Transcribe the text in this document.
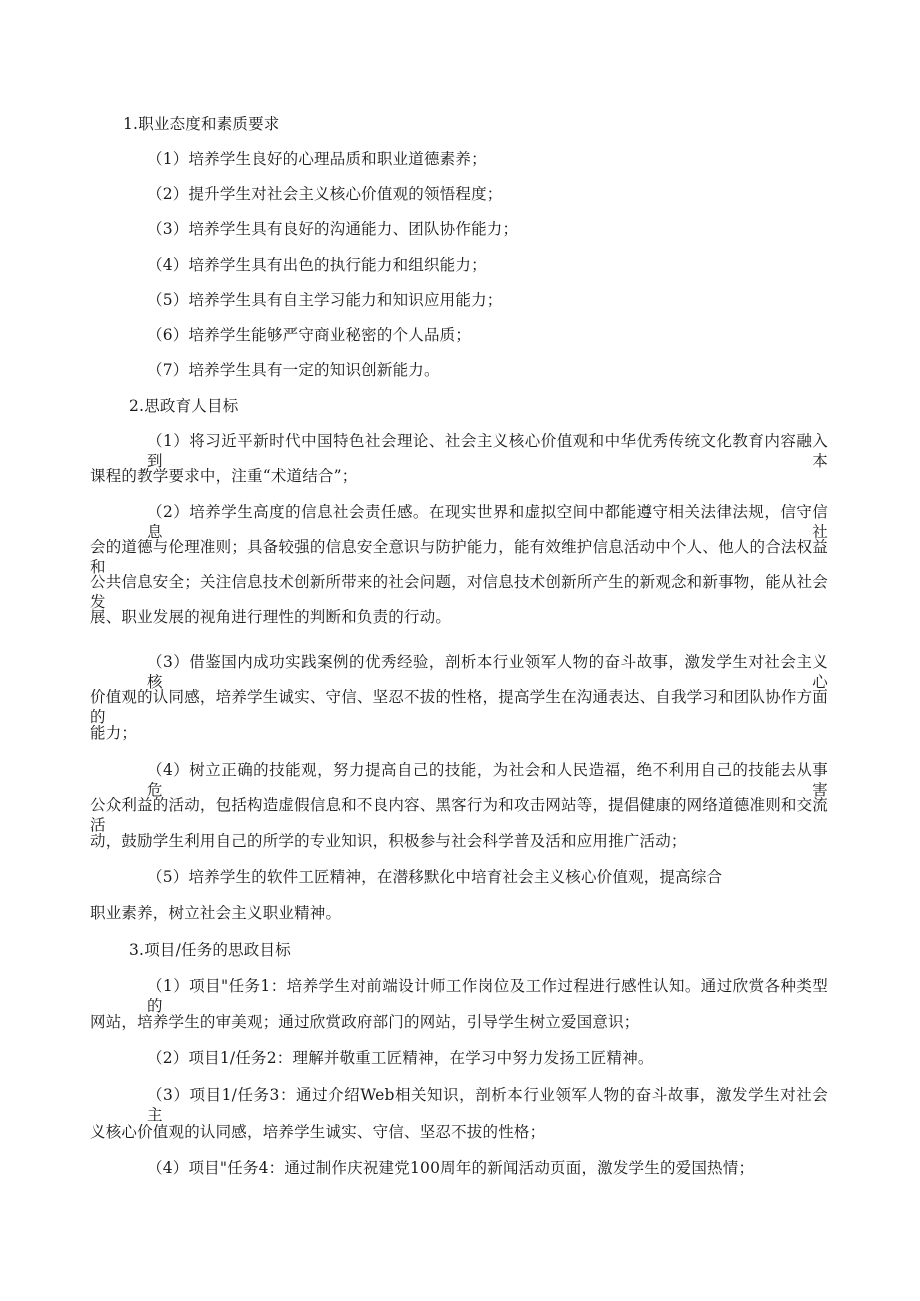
1.职业态度和素质要求
（1）培养学生良好的心理品质和职业道德素养；
（2）提升学生对社会主义核心价值观的领悟程度；
（3）培养学生具有良好的沟通能力、团队协作能力；
（4）培养学生具有出色的执行能力和组织能力；
（5）培养学生具有自主学习能力和知识应用能力；
（6）培养学生能够严守商业秘密的个人品质；
（7）培养学生具有一定的知识创新能力。
2.思政育人目标
（1）将习近平新时代中国特色社会理论、社会主义核心价值观和中华优秀传统文化教育内容融入到本
课程的教学要求中，注重“术道结合”；
（2）培养学生高度的信息社会责任感。在现实世界和虚拟空间中都能遵守相关法律法规，信守信息社
会的道德与伦理准则；具备较强的信息安全意识与防护能力，能有效维护信息活动中个人、他人的合法权益和
公共信息安全；关注信息技术创新所带来的社会问题，对信息技术创新所产生的新观念和新事物，能从社会发
展、职业发展的视角进行理性的判断和负责的行动。
（3）借鉴国内成功实践案例的优秀经验，剖析本行业领军人物的奋斗故事，激发学生对社会主义核心
价值观的认同感，培养学生诚实、守信、坚忍不拔的性格，提高学生在沟通表达、自我学习和团队协作方面的
能力；
（4）树立正确的技能观，努力提高自己的技能，为社会和人民造福，绝不利用自己的技能去从事危害
公众利益的活动，包括构造虚假信息和不良内容、黑客行为和攻击网站等，提倡健康的网络道德准则和交流活
动，鼓励学生利用自己的所学的专业知识，积极参与社会科学普及活和应用推广活动；
（5）培养学生的软件工匠精神，在潜移默化中培育社会主义核心价值观，提高综合
职业素养，树立社会主义职业精神。
3.项目/任务的思政目标
（1）项目"任务1：培养学生对前端设计师工作岗位及工作过程进行感性认知。通过欣赏各种类型的
网站，培养学生的审美观；通过欣赏政府部门的网站，引导学生树立爱国意识；
（2）项目1/任务2：理解并敬重工匠精神，在学习中努力发扬工匠精神。
（3）项目1/任务3：通过介绍Web相关知识，剖析本行业领军人物的奋斗故事，激发学生对社会主
义核心价值观的认同感，培养学生诚实、守信、坚忍不拔的性格；
（4）项目"任务4：通过制作庆祝建党100周年的新闻活动页面，激发学生的爱国热情；
